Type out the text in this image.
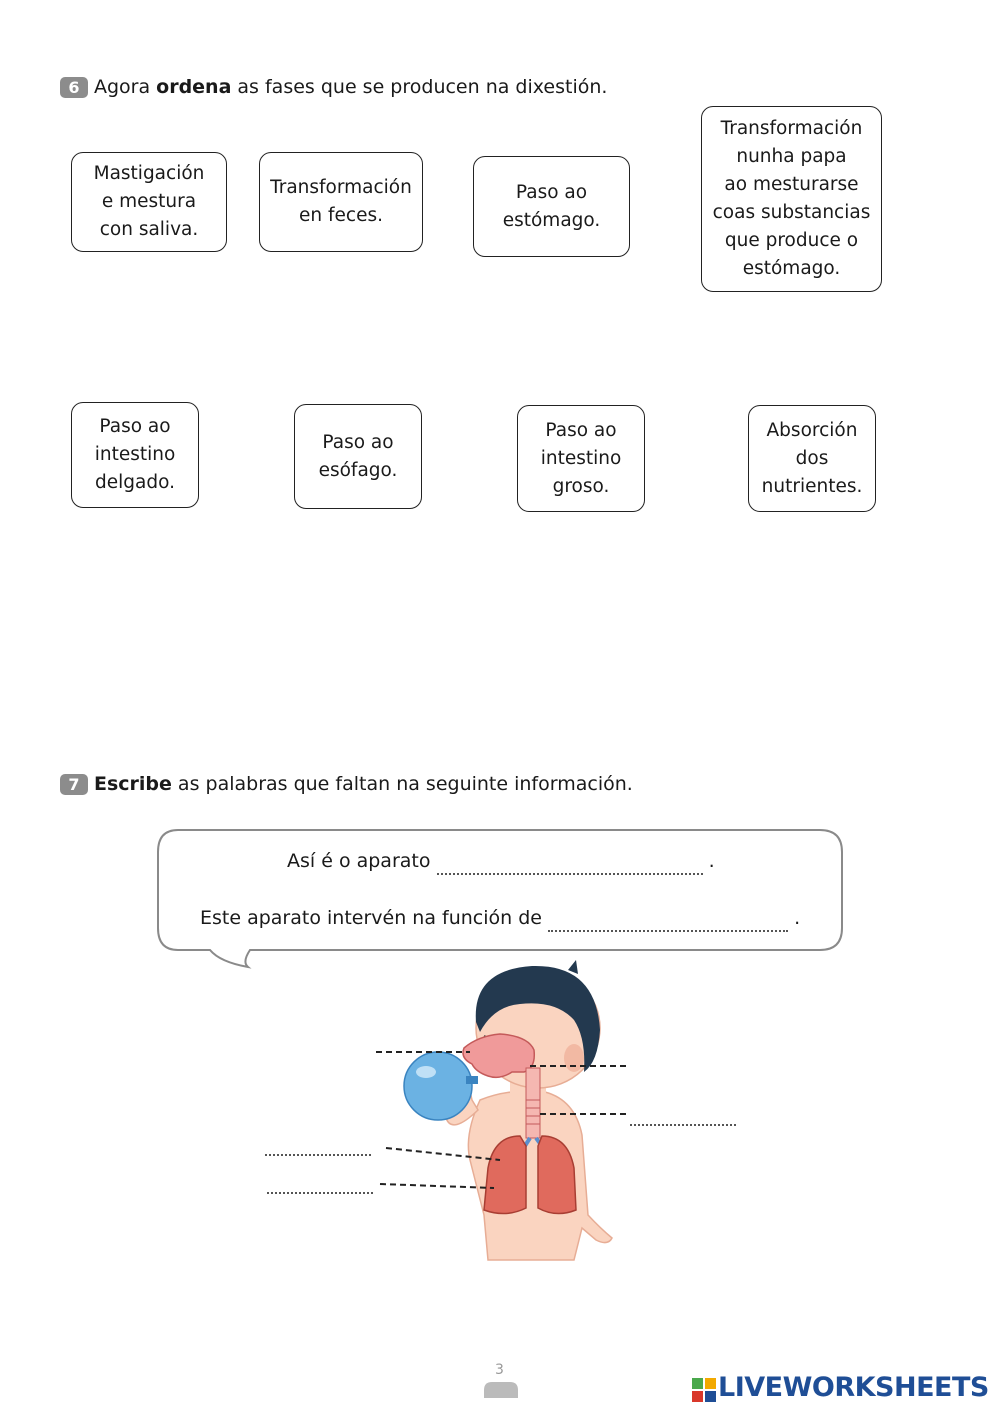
6 Agora ordena as fases que se producen na dixestión.
Mastigación
e mestura
con saliva.
Transformación
en feces.
Paso ao
estómago.
Transformación
nunha papa
ao mesturarse
coas substancias
que produce o
estómago.
Paso ao
intestino
delgado.
Paso ao
esófago.
Paso ao
intestino
groso.
Absorción
dos
nutrientes.
7 Escribe as palabras que faltan na seguinte información.
Así é o aparato	.
Este aparato intervén na función de	.
3
LIVEWORKSHEETS
